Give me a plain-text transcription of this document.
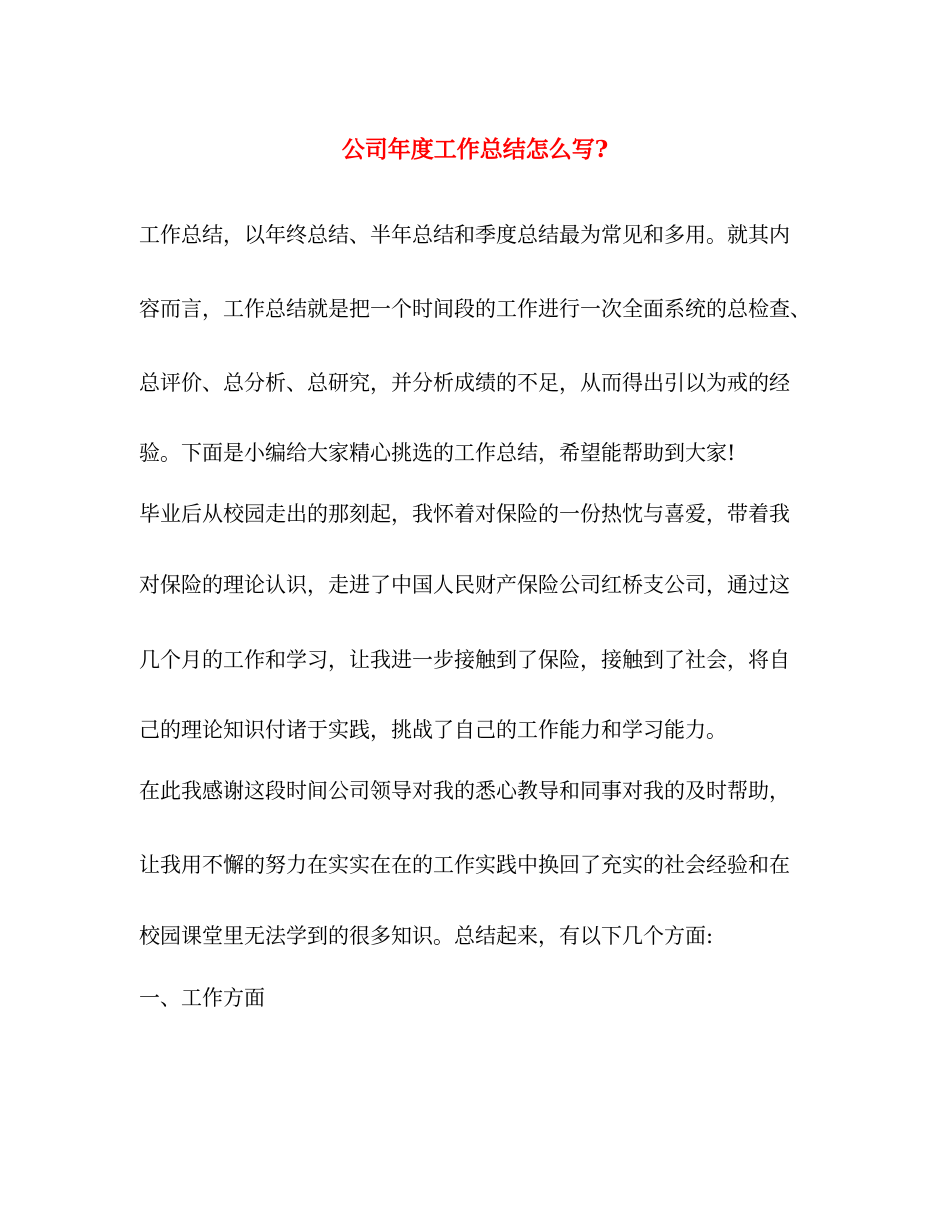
公司年度工作总结怎么写?
工作总结，以年终总结、半年总结和季度总结最为常见和多用。就其内
容而言，工作总结就是把一个时间段的工作进行一次全面系统的总检查、
总评价、总分析、总研究，并分析成绩的不足，从而得出引以为戒的经
验。下面是小编给大家精心挑选的工作总结，希望能帮助到大家!
毕业后从校园走出的那刻起，我怀着对保险的一份热忱与喜爱，带着我
对保险的理论认识，走进了中国人民财产保险公司红桥支公司，通过这
几个月的工作和学习，让我进一步接触到了保险，接触到了社会，将自
己的理论知识付诸于实践，挑战了自己的工作能力和学习能力。
在此我感谢这段时间公司领导对我的悉心教导和同事对我的及时帮助，
让我用不懈的努力在实实在在的工作实践中换回了充实的社会经验和在
校园课堂里无法学到的很多知识。总结起来，有以下几个方面:
一、工作方面
